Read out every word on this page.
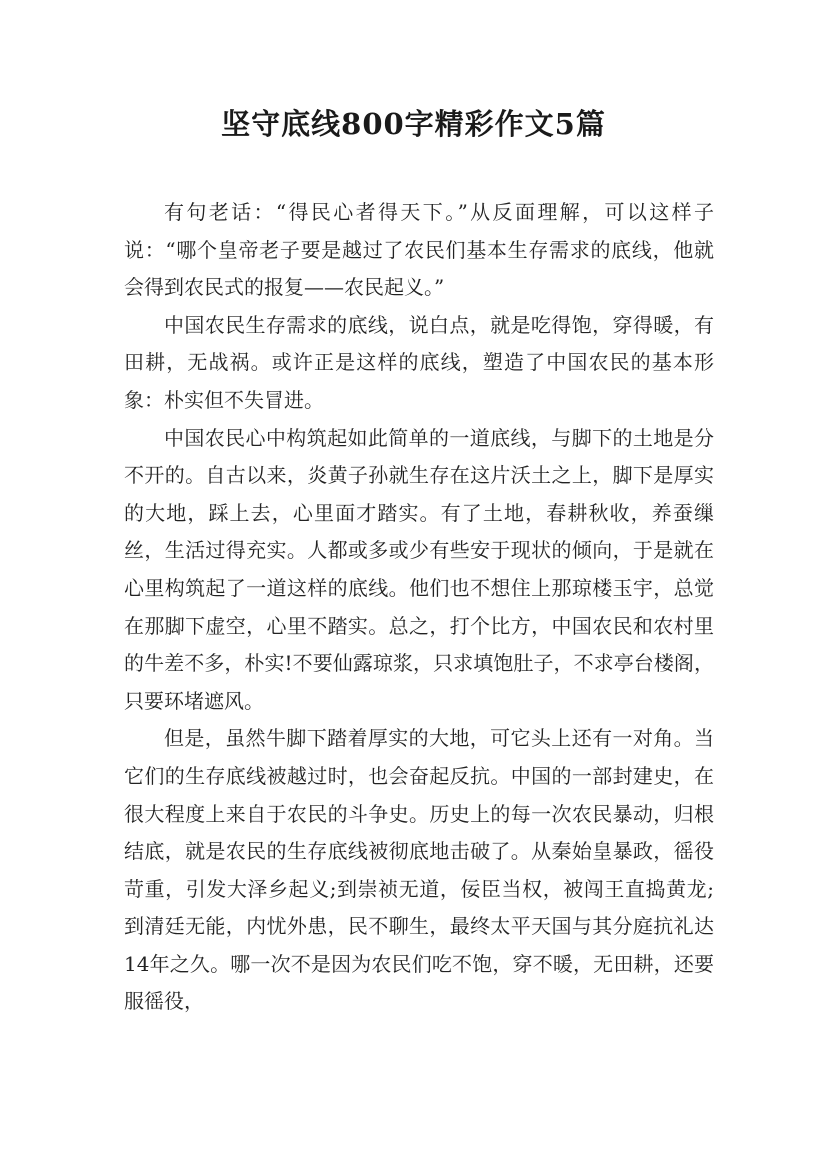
坚守底线800字精彩作文5篇

有句老话：“得民心者得天下。”从反面理解，可以这样子说：“哪个皇帝老子要是越过了农民们基本生存需求的底线，他就会得到农民式的报复——农民起义。”

中国农民生存需求的底线，说白点，就是吃得饱，穿得暖，有田耕，无战祸。或许正是这样的底线，塑造了中国农民的基本形象：朴实但不失冒进。

中国农民心中构筑起如此简单的一道底线，与脚下的土地是分不开的。自古以来，炎黄子孙就生存在这片沃土之上，脚下是厚实的大地，踩上去，心里面才踏实。有了土地，春耕秋收，养蚕缫丝，生活过得充实。人都或多或少有些安于现状的倾向，于是就在心里构筑起了一道这样的底线。他们也不想住上那琼楼玉宇，总觉在那脚下虚空，心里不踏实。总之，打个比方，中国农民和农村里的牛差不多，朴实!不要仙露琼浆，只求填饱肚子，不求亭台楼阁，只要环堵遮风。

但是，虽然牛脚下踏着厚实的大地，可它头上还有一对角。当它们的生存底线被越过时，也会奋起反抗。中国的一部封建史，在很大程度上来自于农民的斗争史。历史上的每一次农民暴动，归根结底，就是农民的生存底线被彻底地击破了。从秦始皇暴政，徭役苛重，引发大泽乡起义;到崇祯无道，佞臣当权，被闯王直捣黄龙;到清廷无能，内忧外患，民不聊生，最终太平天国与其分庭抗礼达14年之久。哪一次不是因为农民们吃不饱，穿不暖，无田耕，还要服徭役，
